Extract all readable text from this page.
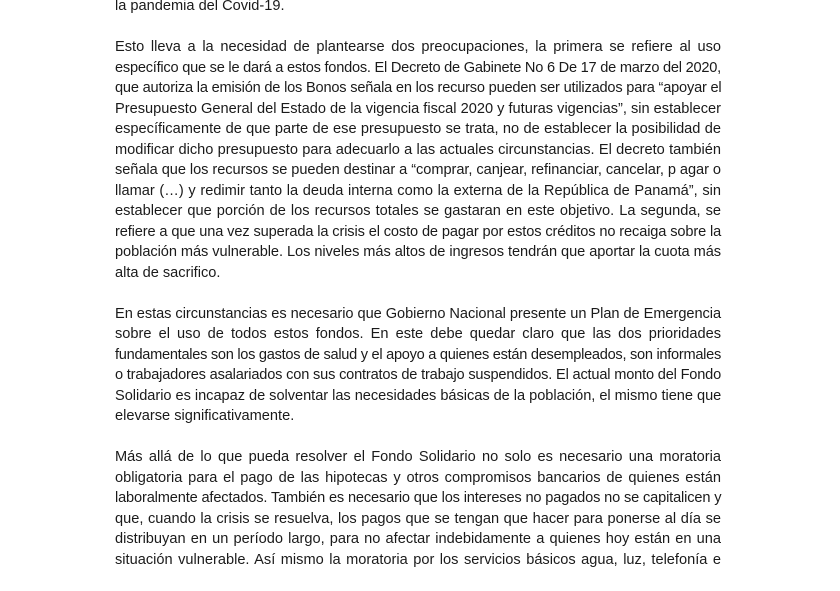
la pandemia del Covid-19.

Esto lleva a la necesidad de plantearse dos preocupaciones, la primera se refiere al uso
específico que se le dará a estos fondos. El Decreto de Gabinete No 6 De 17 de marzo del 2020,
que autoriza la emisión de los Bonos señala en los recurso pueden ser utilizados para “apoyar el
Presupuesto General del Estado de la vigencia fiscal 2020 y futuras vigencias”, sin establecer
específicamente de que parte de ese presupuesto se trata, no de establecer la posibilidad de
modificar dicho presupuesto para adecuarlo a las actuales circunstancias. El decreto también
señala que los recursos se pueden destinar a “comprar, canjear, refinanciar, cancelar, p agar o
llamar (…) y redimir tanto la deuda interna como la externa de la República de Panamá”, sin
establecer que porción de los recursos totales se gastaran en este objetivo. La segunda, se
refiere a que una vez superada la crisis el costo de pagar por estos créditos no recaiga sobre la
población más vulnerable. Los niveles más altos de ingresos tendrán que aportar la cuota más
alta de sacrifico.

En estas circunstancias es necesario que Gobierno Nacional presente un Plan de Emergencia
sobre el uso de todos estos fondos. En este debe quedar claro que las dos prioridades
fundamentales son los gastos de salud y el apoyo a quienes están desempleados, son informales
o trabajadores asalariados con sus contratos de trabajo suspendidos. El actual monto del Fondo
Solidario es incapaz de solventar las necesidades básicas de la población, el mismo tiene que
elevarse significativamente.

Más allá de lo que pueda resolver el Fondo Solidario no solo es necesario una moratoria
obligatoria para el pago de las hipotecas y otros compromisos bancarios de quienes están
laboralmente afectados. También es necesario que los intereses no pagados no se capitalicen y
que, cuando la crisis se resuelva, los pagos que se tengan que hacer para ponerse al día se
distribuyan en un período largo, para no afectar indebidamente a quienes hoy están en una
situación vulnerable. Así mismo la moratoria por los servicios básicos agua, luz, telefonía e
